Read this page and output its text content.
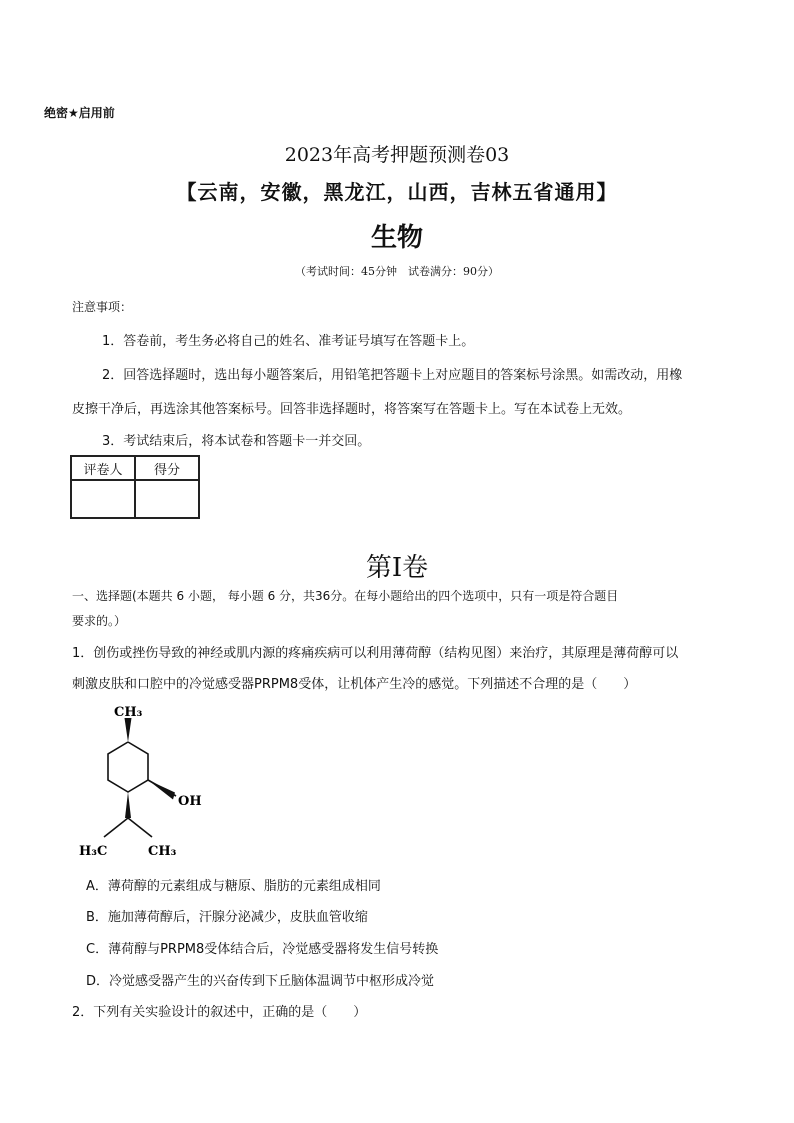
绝密★启用前
2023年高考押题预测卷03
【云南，安徽，黑龙江，山西，吉林五省通用】
生物
（考试时间：45分钟　试卷满分：90分）
注意事项：
1．答卷前，考生务必将自己的姓名、准考证号填写在答题卡上。
2．回答选择题时，选出每小题答案后，用铅笔把答题卡上对应题目的答案标号涂黑。如需改动，用橡
皮擦干净后，再选涂其他答案标号。回答非选择题时，将答案写在答题卡上。写在本试卷上无效。
3．考试结束后，将本试卷和答题卡一并交回。
评卷人	得分

第Ⅰ卷
一、选择题(本题共 6 小题， 每小题 6 分，共36分。在每小题给出的四个选项中，只有一项是符合题目
要求的。）
1．创伤或挫伤导致的神经或肌内源的疼痛疾病可以利用薄荷醇（结构见图）来治疗，其原理是薄荷醇可以
刺激皮肤和口腔中的冷觉感受器PRPM8受体，让机体产生冷的感觉。下列描述不合理的是（　　）
CH₃
OH
H₃C	CH₃
A．薄荷醇的元素组成与糖原、脂肪的元素组成相同
B．施加薄荷醇后，汗腺分泌减少，皮肤血管收缩
C．薄荷醇与PRPM8受体结合后，冷觉感受器将发生信号转换
D．冷觉感受器产生的兴奋传到下丘脑体温调节中枢形成冷觉
2．下列有关实验设计的叙述中，正确的是（　　）
